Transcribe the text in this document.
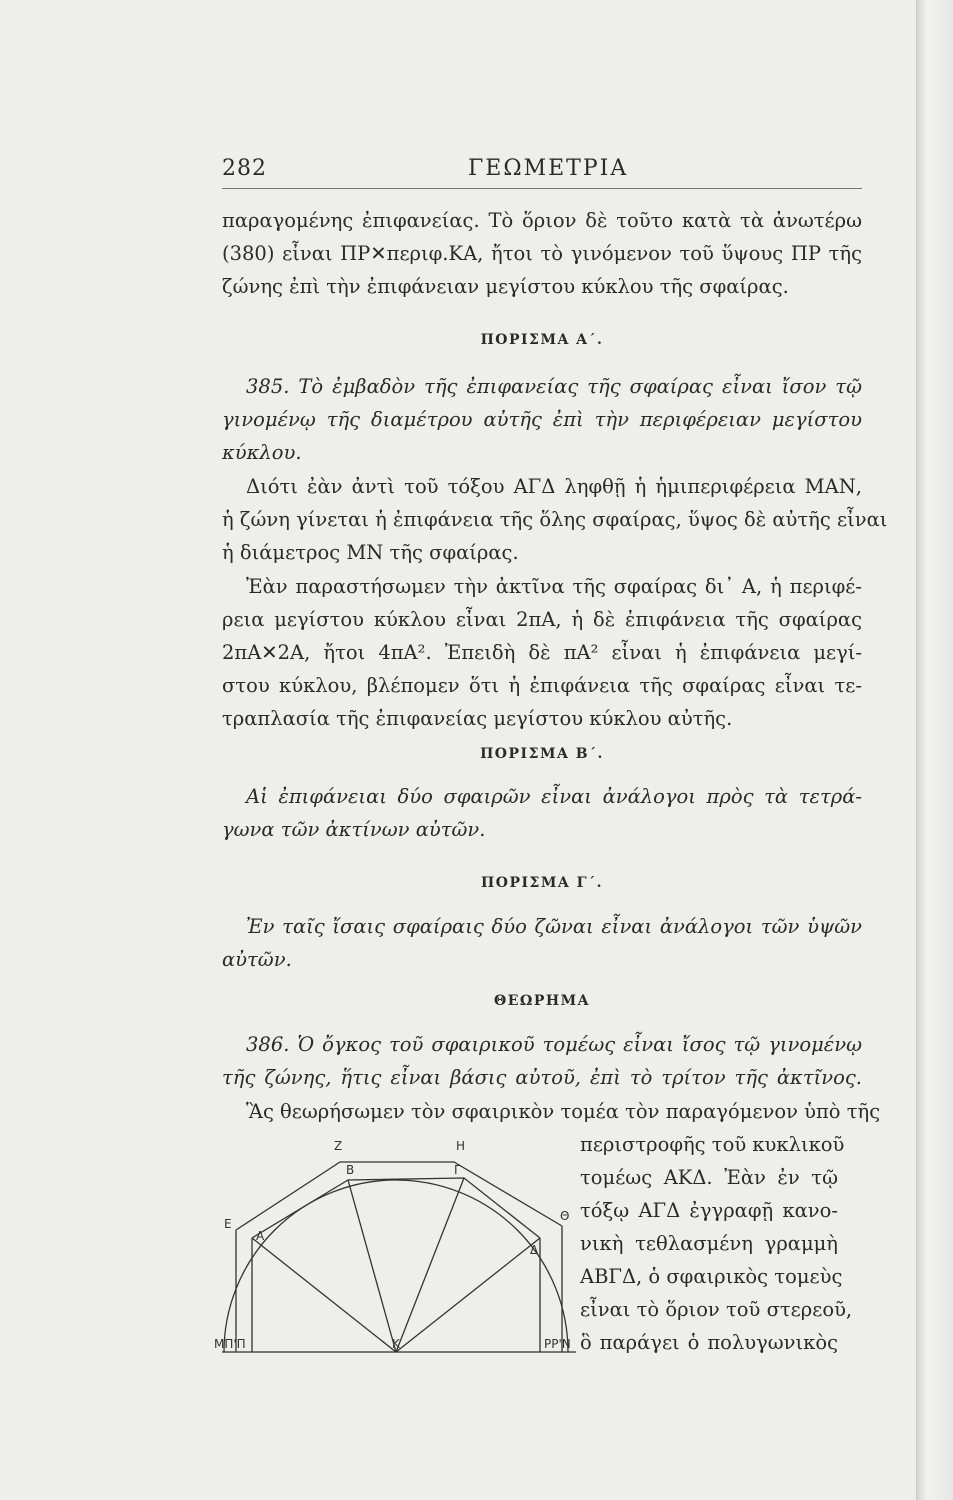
282	ΓΕΩΜΕΤΡΙΑ
παραγομένης ἐπιφανείας. Τὸ ὅριον δὲ τοῦτο κατὰ τὰ ἀνωτέρω
(380) εἶναι ΠΡ✕περιφ.ΚΑ, ἤτοι τὸ γινόμενον τοῦ ὕψους ΠΡ τῆς
ζώνης ἐπὶ τὴν ἐπιφάνειαν μεγίστου κύκλου τῆς σφαίρας.
ΠΟΡΙΣΜΑ Α΄.
385. Τὸ ἐμβαδὸν τῆς ἐπιφανείας τῆς σφαίρας εἶναι ἴσον τῷ
γινομένῳ τῆς διαμέτρου αὐτῆς ἐπὶ τὴν περιφέρειαν μεγίστου
κύκλου.
Διότι ἐὰν ἀντὶ τοῦ τόξου ΑΓΔ ληφθῇ ἡ ἡμιπεριφέρεια ΜΑΝ,
ἡ ζώνη γίνεται ἡ ἐπιφάνεια τῆς ὅλης σφαίρας, ὕψος δὲ αὐτῆς εἶναι
ἡ διάμετρος ΜΝ τῆς σφαίρας.
Ἐὰν παραστήσωμεν τὴν ἀκτῖνα τῆς σφαίρας δι᾽ Α, ἡ περιφέ-
ρεια μεγίστου κύκλου εἶναι 2πΑ, ἡ δὲ ἐπιφάνεια τῆς σφαίρας
2πΑ✕2Α, ἤτοι 4πΑ². Ἐπειδὴ δὲ πΑ² εἶναι ἡ ἐπιφάνεια μεγί-
στου κύκλου, βλέπομεν ὅτι ἡ ἐπιφάνεια τῆς σφαίρας εἶναι τε-
τραπλασία τῆς ἐπιφανείας μεγίστου κύκλου αὐτῆς.
ΠΟΡΙΣΜΑ Β΄.
Αἱ ἐπιφάνειαι δύο σφαιρῶν εἶναι ἀνάλογοι πρὸς τὰ τετρά-
γωνα τῶν ἀκτίνων αὐτῶν.
ΠΟΡΙΣΜΑ Γ΄.
Ἐν ταῖς ἴσαις σφαίραις δύο ζῶναι εἶναι ἀνάλογοι τῶν ὑψῶν
αὐτῶν.
ΘΕΩΡΗΜΑ
386. Ὁ ὄγκος τοῦ σφαιρικοῦ τομέως εἶναι ἴσος τῷ γινομένῳ
τῆς ζώνης, ἥτις εἶναι βάσις αὐτοῦ, ἐπὶ τὸ τρίτον τῆς ἀκτῖνος.
Ἃς θεωρήσωμεν τὸν σφαιρικὸν τομέα τὸν παραγόμενον ὑπὸ τῆς
περιστροφῆς τοῦ κυκλικοῦ
τομέως ΑΚΔ. Ἐὰν ἐν τῷ
τόξῳ ΑΓΔ ἐγγραφῇ κανο-
νικὴ τεθλασμένη γραμμὴ
ΑΒΓΔ, ὁ σφαιρικὸς τομεὺς
εἶναι τὸ ὅριον τοῦ στερεοῦ,
ὃ παράγει ὁ πολυγωνικὸς
Z	H
B	Γ
E
A
Θ
Δ
ΜΠ'Π	Κ	ΡΡ'Ν
